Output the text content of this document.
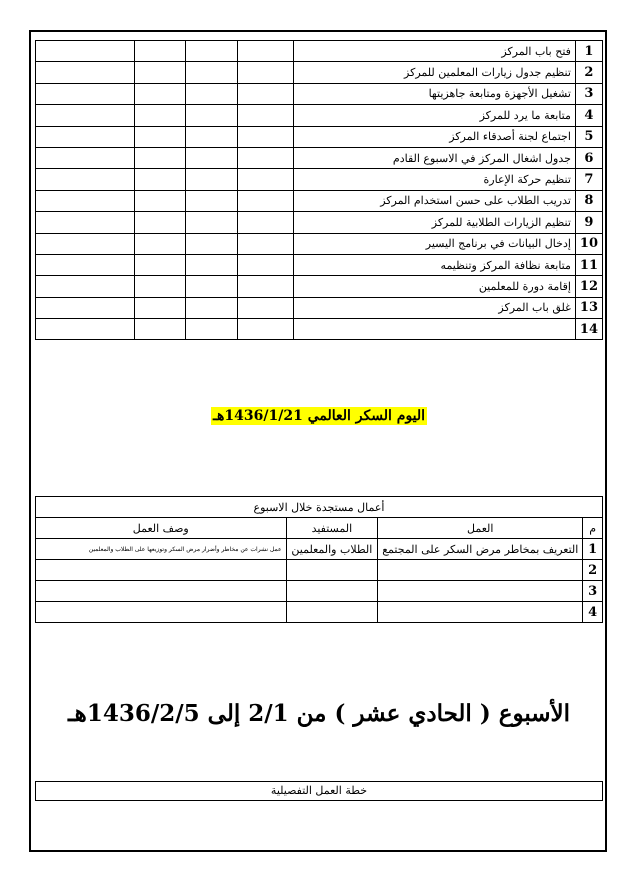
1	فتح باب المركز				
2	تنظيم جدول زيارات المعلمين للمركز				
3	تشغيل الأجهزة ومتابعة جاهزيتها				
4	متابعة ما يرد للمركز				
5	اجتماع لجنة أصدقاء المركز				
6	جدول اشغال المركز في الاسبوع القادم				
7	تنظيم حركة الإعارة				
8	تدريب الطلاب على حسن استخدام المركز				
9	تنظيم الزيارات الطلابية للمركز				
10	إدخال البيانات في برنامج اليسير				
11	متابعة نظافة المركز وتنظيمه				
12	إقامة دورة للمعلمين				
13	غلق باب المركز				
14					
اليوم السكر العالمي 1436/1/21هـ
أعمال مستجدة خلال الاسبوع			
م	العمل	المستفيد	وصف العمل
1	التعريف بمخاطر مرض السكر على المجتمع	الطلاب والمعلمين	عمل نشرات عن مخاطر وأضرار مرض السكر وتوزيعها على الطلاب والمعلمين
2			
3			
4			
الأسبوع ( الحادي عشر ) من 2/1 إلى 1436/2/5هـ
خطة العمل التفصيلية
